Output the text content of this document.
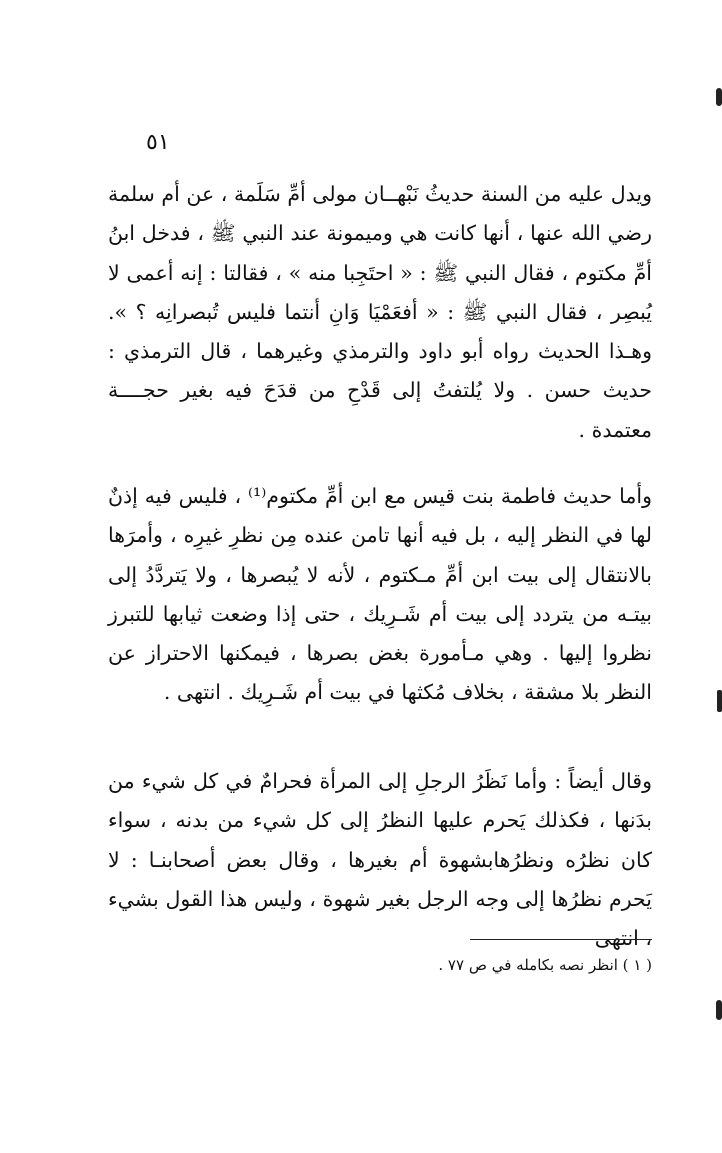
٥١

ويدل عليه من السنة حديثُ نَبْهــان مولى أمِّ سَلَمة ، عن أم سلمة رضي الله عنها ، أنها كانت هي وميمونة عند النبي ﷺ ، فدخل ابنُ أمِّ مكتوم ، فقال النبي ﷺ : « احتَجِبا منه » ، فقالتا : إنه أعمى لا يُبصِر ، فقال النبي ﷺ : « أفعَمْيَا وَانِ أنتما فليس تُبصرانِه ؟ ». وهـذا الحديث رواه أبو داود والترمذي وغيرهما ، قال الترمذي : حديث حسن . ولا يُلتفتُ إلى قَدْحِ من قدَحَ فيه بغير حجــــة معتمدة .

وأما حديث فاطمة بنت قيس مع ابن أمِّ مكتوم⁽¹⁾ ، فليس فيه إذنٌ لها في النظر إليه ، بل فيه أنها تامن عنده مِن نظرِ غيرِه ، وأمرَها بالانتقال إلى بيت ابن أمِّ مـكتوم ، لأنه لا يُبصرها ، ولا يَتردَّدُ إلى بيتـه من يتردد إلى بيت أم شَـرِيك ، حتى إذا وضعت ثيابها للتبرز نظروا إليها . وهي مـأمورة بغض بصرها ، فيمكنها الاحتراز عن النظر بلا مشقة ، بخلاف مُكثها في بيت أم شَـرِيك . انتهى .

وقال أيضاً : وأما نَظَرُ الرجلِ إلى المرأة فحرامٌ في كل شيء من بدَنها ، فكذلك يَحرم عليها النظرُ إلى كل شيء من بدنه ، سواء كان نظرُه ونظرُهابشهوة أم بغيرها ، وقال بعض أصحابنـا : لا يَحرم نظرُها إلى وجه الرجل بغير شهوة ، وليس هذا القول بشيء ، انتهى

( ١ ) انظر نصه بكامله في ص ٧٧ .
